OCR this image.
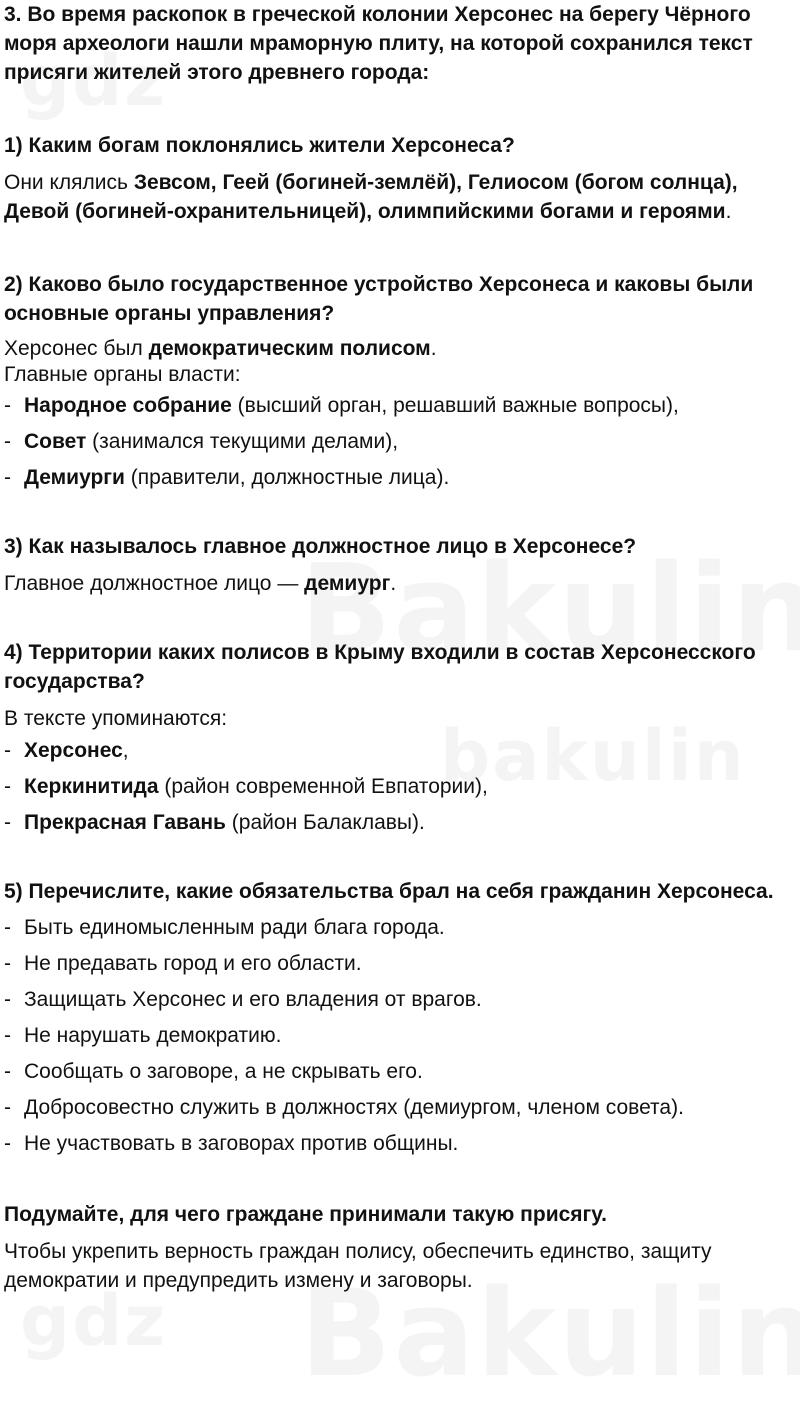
3. Во время раскопок в греческой колонии Херсонес на берегу Чёрного моря археологи нашли мраморную плиту, на которой сохранился текст присяги жителей этого древнего города:

1) Каким богам поклонялись жители Херсонеса?

Они клялись Зевсом, Геей (богиней-землёй), Гелиосом (богом солнца), Девой (богиней-охранительницей), олимпийскими богами и героями.

2) Каково было государственное устройство Херсонеса и каковы были основные органы управления?

Херсонес был демократическим полисом.

Главные органы власти:

- Народное собрание (высший орган, решавший важные вопросы),
- Совет (занимался текущими делами),
- Демиурги (правители, должностные лица).

3) Как называлось главное должностное лицо в Херсонесе?

Главное должностное лицо — демиург.

4) Территории каких полисов в Крыму входили в состав Херсонесского государства?

В тексте упоминаются:

- Херсонес,
- Керкинитида (район современной Евпатории),
- Прекрасная Гавань (район Балаклавы).

5) Перечислите, какие обязательства брал на себя гражданин Херсонеса.

- Быть единомысленным ради блага города.
- Не предавать город и его области.
- Защищать Херсонес и его владения от врагов.
- Не нарушать демократию.
- Сообщать о заговоре, а не скрывать его.
- Добросовестно служить в должностях (демиургом, членом совета).
- Не участвовать в заговорах против общины.

Подумайте, для чего граждане принимали такую присягу.

Чтобы укрепить верность граждан полису, обеспечить единство, защиту демократии и предупредить измену и заговоры.
